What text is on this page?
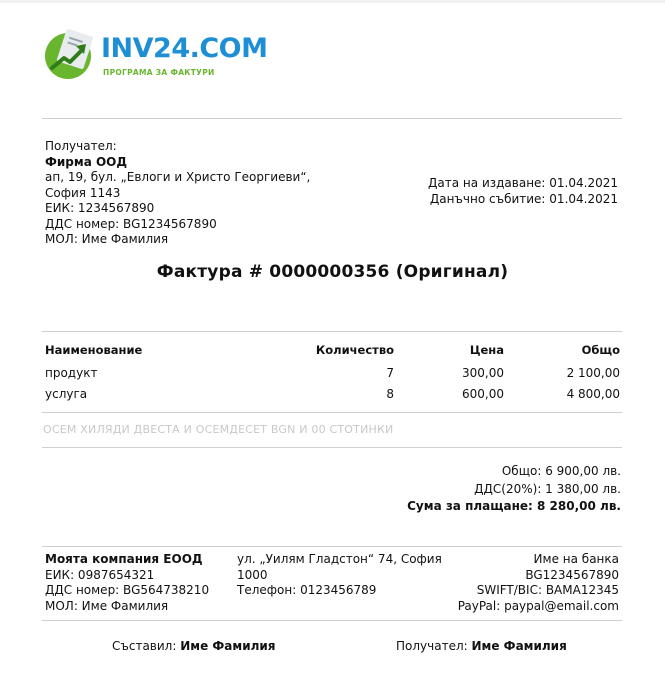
INV24.COM
ПРОГРАМА ЗА ФАКТУРИ
Получател:
Фирма ООД
ап, 19, бул. „Евлоги и Христо Георгиеви“,
София 1143
ЕИК: 1234567890
ДДС номер: BG1234567890
МОЛ: Име Фамилия
Дата на издаване: 01.04.2021
Данъчно събитие: 01.04.2021
Фактура # 0000000356 (Оригинал)
Наименование	Количество	Цена	Общо
продукт	7	300,00	2 100,00
услуга	8	600,00	4 800,00
ОСЕМ ХИЛЯДИ ДВЕСТА И ОСЕМДЕСЕТ BGN И 00 СТОТИНКИ
Общо: 6 900,00 лв.
ДДС(20%): 1 380,00 лв.
Сума за плащане: 8 280,00 лв.
Моята компания ЕООД
ЕИК: 0987654321
ДДС номер: BG564738210
МОЛ: Име Фамилия
ул. „Уилям Гладстон“ 74, София
1000
Телефон: 0123456789
Име на банка
BG1234567890
SWIFT/BIC: BAMA12345
PayPal: paypal@email.com
Съставил: Име Фамилия	Получател: Име Фамилия
